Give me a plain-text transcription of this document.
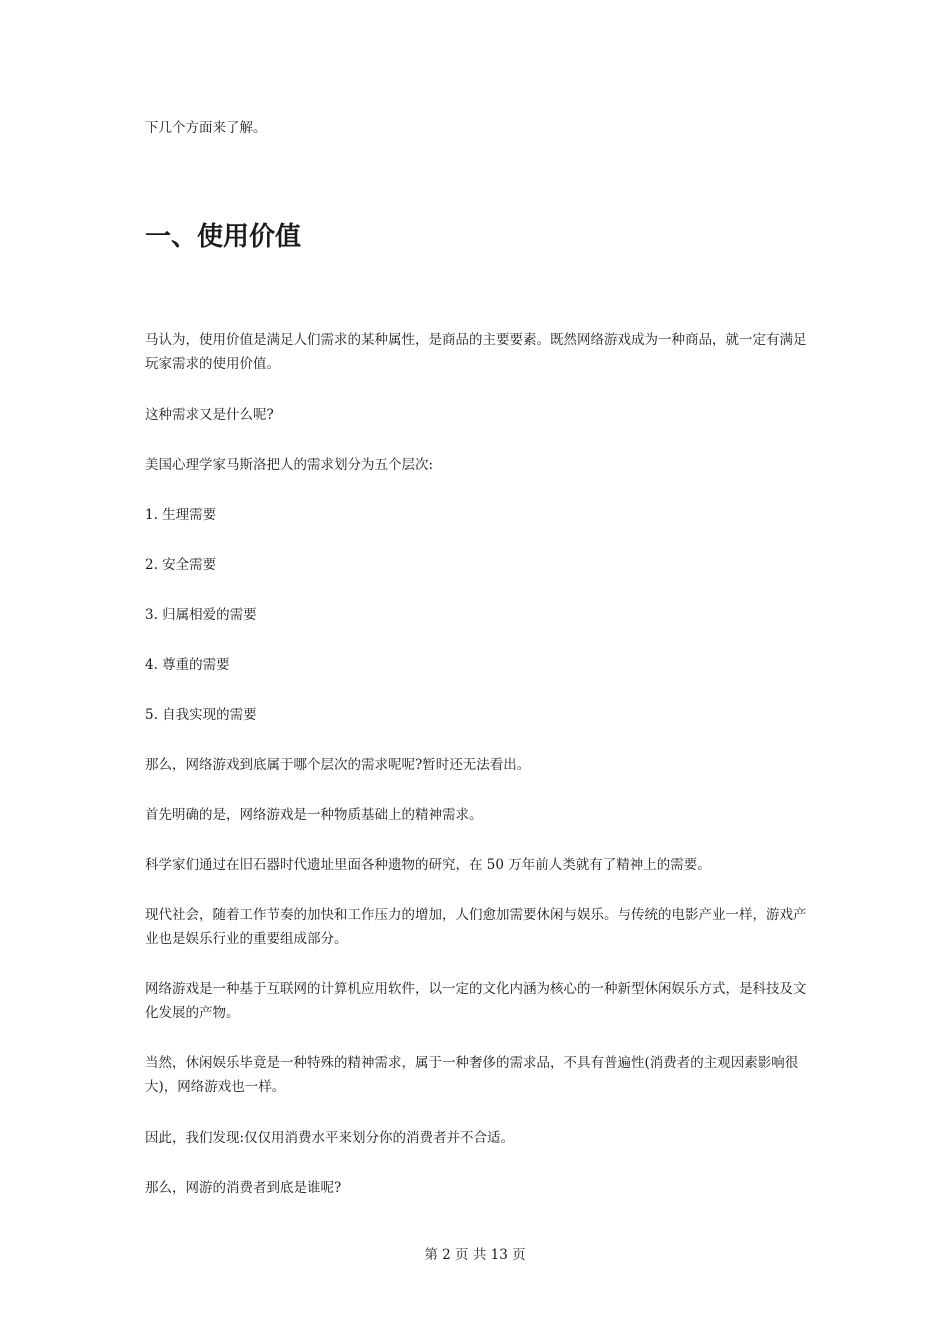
下几个方面来了解。

一、使用价值

马认为，使用价值是满足人们需求的某种属性，是商品的主要要素。既然网络游戏成为一种商品，就一定有满足玩家需求的使用价值。

这种需求又是什么呢?

美国心理学家马斯洛把人的需求划分为五个层次:

1. 生理需要

2. 安全需要

3. 归属相爱的需要

4. 尊重的需要

5. 自我实现的需要

那么，网络游戏到底属于哪个层次的需求呢呢?暂时还无法看出。

首先明确的是，网络游戏是一种物质基础上的精神需求。

科学家们通过在旧石器时代遗址里面各种遗物的研究，在 50 万年前人类就有了精神上的需要。

现代社会，随着工作节奏的加快和工作压力的增加，人们愈加需要休闲与娱乐。与传统的电影产业一样，游戏产业也是娱乐行业的重要组成部分。

网络游戏是一种基于互联网的计算机应用软件，以一定的文化内涵为核心的一种新型休闲娱乐方式，是科技及文化发展的产物。

当然，休闲娱乐毕竟是一种特殊的精神需求，属于一种奢侈的需求品，不具有普遍性(消费者的主观因素影响很大)，网络游戏也一样。

因此，我们发现:仅仅用消费水平来划分你的消费者并不合适。

那么，网游的消费者到底是谁呢?

第 2 页 共 13 页
